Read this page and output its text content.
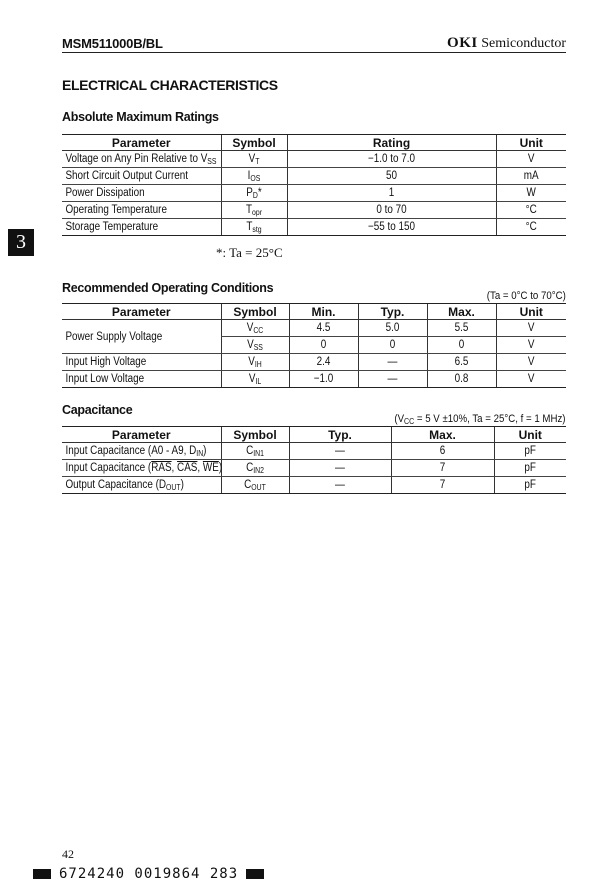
MSM511000B/BL	OKI Semiconductor
ELECTRICAL CHARACTERISTICS
3
Absolute Maximum Ratings
Parameter	Symbol	Rating	Unit
Voltage on Any Pin Relative to $V_{SS}$	$V_T$	−1.0 to 7.0	V
Short Circuit Output Current	$I_{OS}$	50	mA
Power Dissipation	$P_D*$	1	W
Operating Temperature	$T_{opr}$	0 to 70	°C
Storage Temperature	$T_{stg}$	−55 to 150	°C
*: Ta = 25°C
Recommended Operating Conditions
(Ta = 0°C to 70°C)
Parameter	Symbol	Min.	Typ.	Max.	Unit
Power Supply Voltage	$V_{CC}$	4.5	5.0	5.5	V
	$V_{SS}$	0	0	0	V
Input High Voltage	$V_{IH}$	2.4	—	6.5	V
Input Low Voltage	$V_{IL}$	−1.0	—	0.8	V
Capacitance
($V_{CC} = 5$ V ±10%, Ta = 25°C, f = 1 MHz)
Parameter	Symbol	Typ.	Max.	Unit
Input Capacitance (A0 - A9, $D_{IN}$)	$C_{IN1}$	—	6	pF
Input Capacitance ($\overline{RAS}$, $\overline{CAS}$, $\overline{WE}$)	$C_{IN2}$	—	7	pF
Output Capacitance $(D_{OUT})$	$C_{OUT}$	—	7	pF
42
6724240 0019864 283
